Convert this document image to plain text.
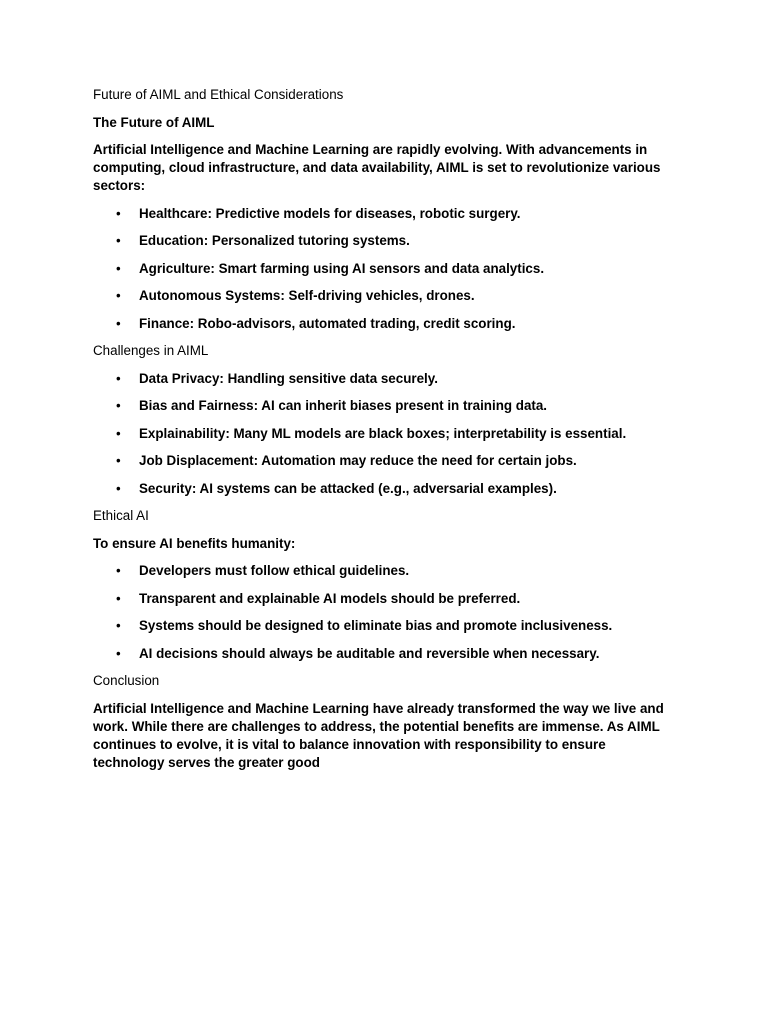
Future of AIML and Ethical Considerations

The Future of AIML

Artificial Intelligence and Machine Learning are rapidly evolving. With advancements in computing, cloud infrastructure, and data availability, AIML is set to revolutionize various sectors:

• Healthcare: Predictive models for diseases, robotic surgery.
• Education: Personalized tutoring systems.
• Agriculture: Smart farming using AI sensors and data analytics.
• Autonomous Systems: Self-driving vehicles, drones.
• Finance: Robo-advisors, automated trading, credit scoring.

Challenges in AIML

• Data Privacy: Handling sensitive data securely.
• Bias and Fairness: AI can inherit biases present in training data.
• Explainability: Many ML models are black boxes; interpretability is essential.
• Job Displacement: Automation may reduce the need for certain jobs.
• Security: AI systems can be attacked (e.g., adversarial examples).

Ethical AI

To ensure AI benefits humanity:

• Developers must follow ethical guidelines.
• Transparent and explainable AI models should be preferred.
• Systems should be designed to eliminate bias and promote inclusiveness.
• AI decisions should always be auditable and reversible when necessary.

Conclusion

Artificial Intelligence and Machine Learning have already transformed the way we live and work. While there are challenges to address, the potential benefits are immense. As AIML continues to evolve, it is vital to balance innovation with responsibility to ensure technology serves the greater good
